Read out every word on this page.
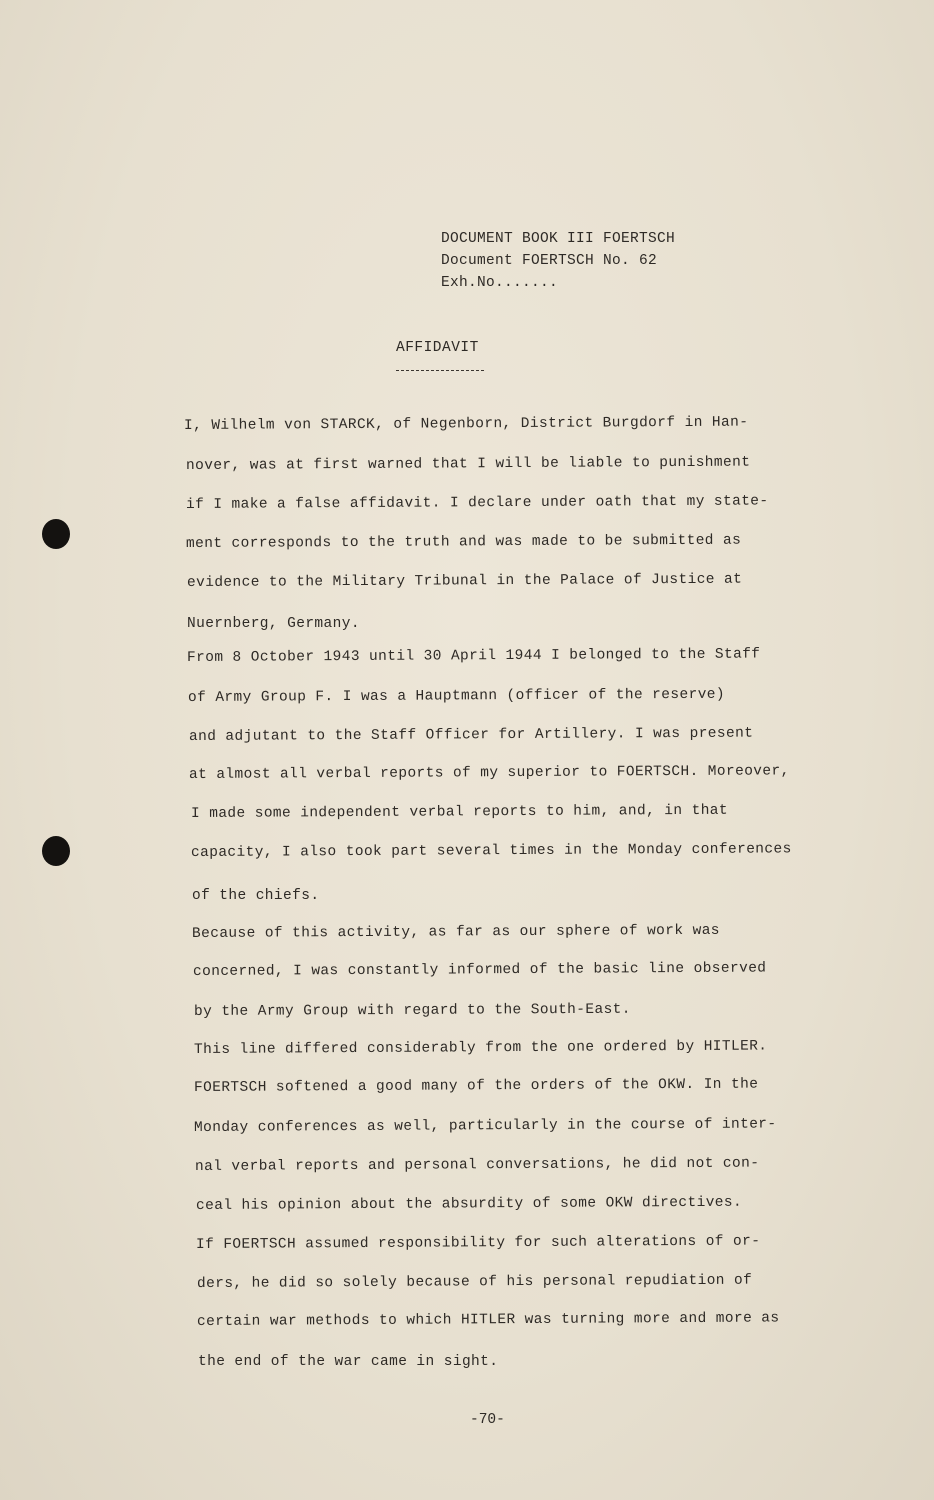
DOCUMENT BOOK III FOERTSCH
Document FOERTSCH No. 62
Exh.No.......
AFFIDAVIT

I, Wilhelm von STARCK, of Negenborn, District Burgdorf in Han-

nover, was at first warned that I will be liable to punishment

if I make a false affidavit. I declare under oath that my state-

ment corresponds to the truth and was made to be submitted as

evidence to the Military Tribunal in the Palace of Justice at

Nuernberg, Germany.

From 8 October 1943 until 30 April 1944 I belonged to the Staff

of Army Group F. I was a Hauptmann (officer of the reserve)

and adjutant to the Staff Officer for Artillery. I was present

at almost all verbal reports of my superior to FOERTSCH. Moreover,

I made some independent verbal reports to him, and, in that

capacity, I also took part several times in the Monday conferences

of the chiefs.

Because of this activity, as far as our sphere of work was

concerned, I was constantly informed of the basic line observed

by the Army Group with regard to the South-East.

This line differed considerably from the one ordered by HITLER.

FOERTSCH softened a good many of the orders of the OKW. In the

Monday conferences as well, particularly in the course of inter-

nal verbal reports and personal conversations, he did not con-

ceal his opinion about the absurdity of some OKW directives.

If FOERTSCH assumed responsibility for such alterations of or-

ders, he did so solely because of his personal repudiation of

certain war methods to which HITLER was turning more and more as

the end of the war came in sight.

-70-
